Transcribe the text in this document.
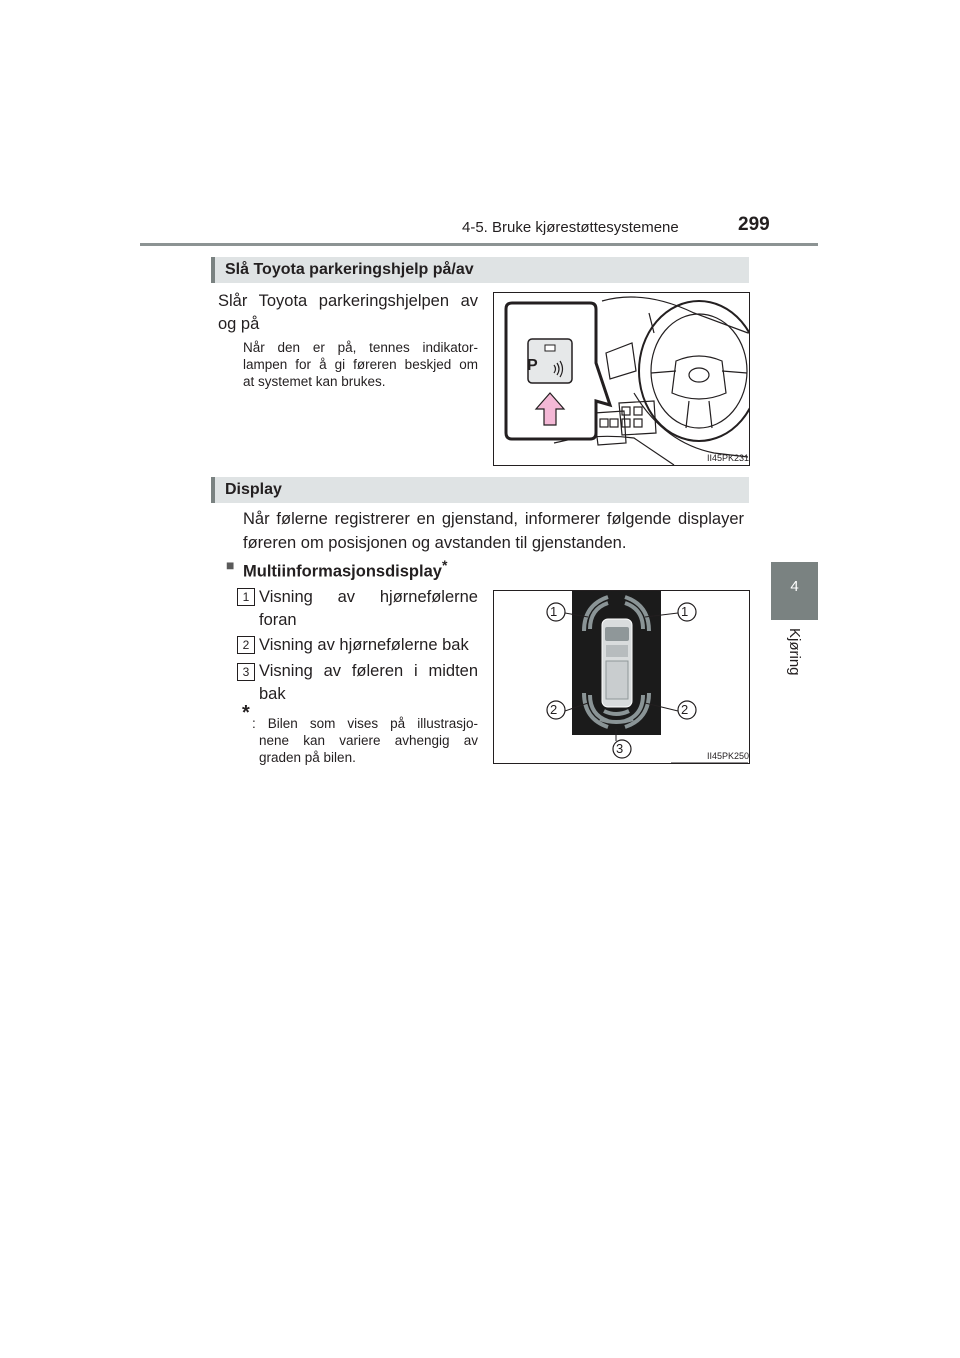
4-5. Bruke kjørestøttesystemene	299
4
Kjøring
Slå Toyota parkeringshjelp på/av
Slår Toyota parkeringshjelpen av
og på
Når den er på, tennes indikator-
lampen for å gi føreren beskjed om
at systemet kan brukes.
P
II45PK231
Display
Når følerne registrerer en gjenstand, informerer følgende displayer
føreren om posisjonen og avstanden til gjenstanden.
■ Multiinformasjonsdisplay*
1 Visning av hjørnefølerne
foran
2 Visning av hjørnefølerne bak
3 Visning av føleren i midten
bak
* : Bilen som vises på illustrasjo-
nene kan variere avhengig av
graden på bilen.
1	1
2	2
3	II45PK250
